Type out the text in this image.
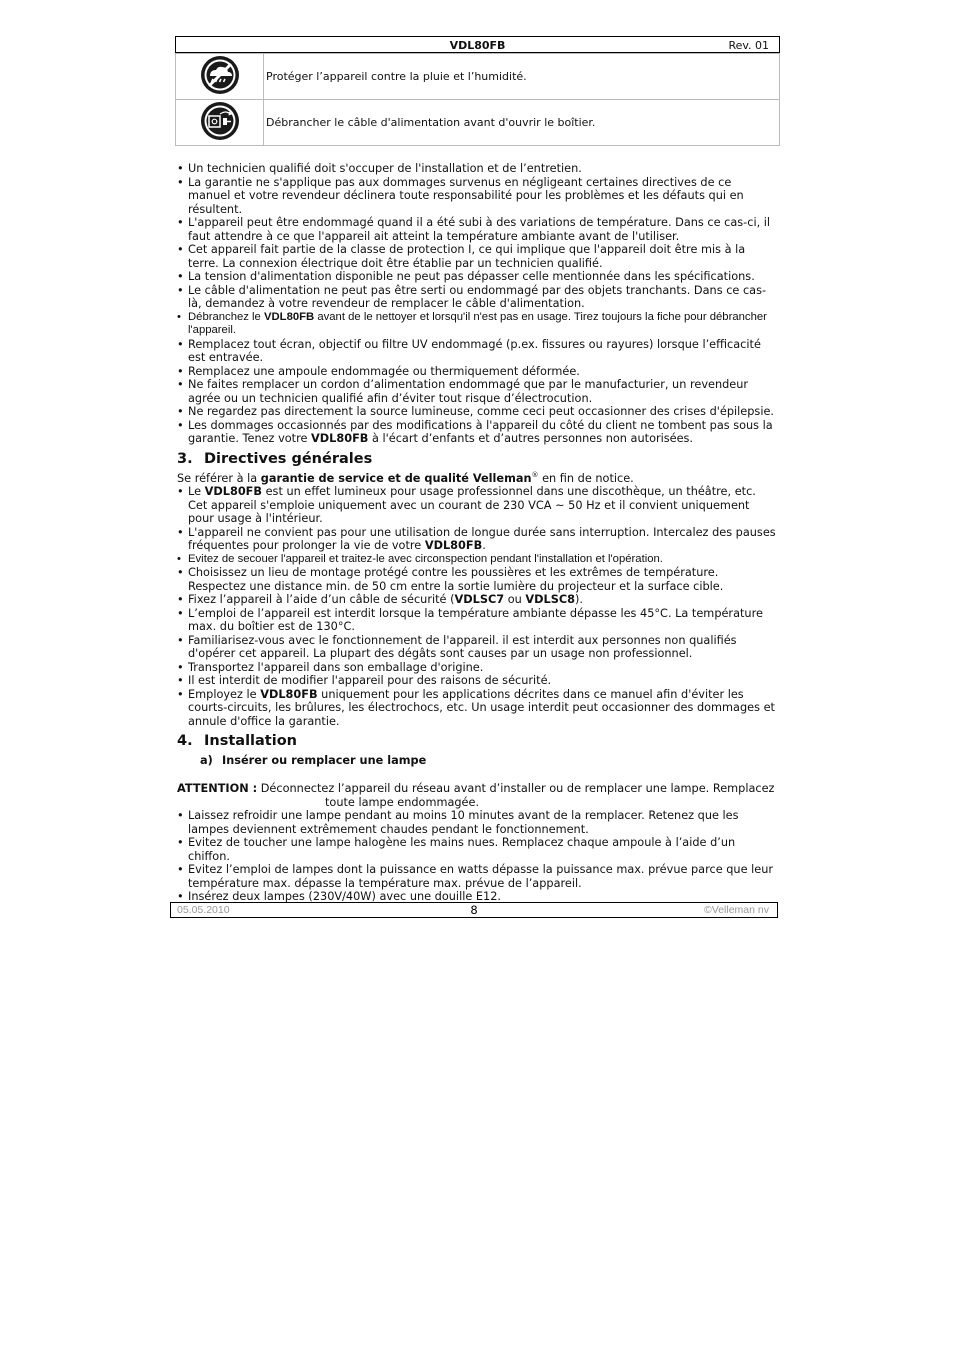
VDL80FB	Rev. 01
	Protéger l’appareil contre la pluie et l’humidité.
	Débrancher le câble d'alimentation avant d'ouvrir le boîtier.
• Un technicien qualifié doit s'occuper de l'installation et de l’entretien.
• La garantie ne s'applique pas aux dommages survenus en négligeant certaines directives de ce manuel et votre revendeur déclinera toute responsabilité pour les problèmes et les défauts qui en résultent.
• L'appareil peut être endommagé quand il a été subi à des variations de température. Dans ce cas-ci, il faut attendre à ce que l'appareil ait atteint la température ambiante avant de l'utiliser.
• Cet appareil fait partie de la classe de protection I, ce qui implique que l'appareil doit être mis à la terre. La connexion électrique doit être établie par un technicien qualifié.
• La tension d'alimentation disponible ne peut pas dépasser celle mentionnée dans les spécifications.
• Le câble d'alimentation ne peut pas être serti ou endommagé par des objets tranchants. Dans ce cas-là, demandez à votre revendeur de remplacer le câble d'alimentation.
• Débranchez le VDL80FB avant de le nettoyer et lorsqu'il n'est pas en usage. Tirez toujours la fiche pour débrancher l'appareil.
• Remplacez tout écran, objectif ou filtre UV endommagé (p.ex. fissures ou rayures) lorsque l’efficacité est entravée.
• Remplacez une ampoule endommagée ou thermiquement déformée.
• Ne faites remplacer un cordon d’alimentation endommagé que par le manufacturier, un revendeur agrée ou un technicien qualifié afin d’éviter tout risque d’électrocution.
• Ne regardez pas directement la source lumineuse, comme ceci peut occasionner des crises d'épilepsie.
• Les dommages occasionnés par des modifications à l'appareil du côté du client ne tombent pas sous la garantie. Tenez votre VDL80FB à l'écart d’enfants et d’autres personnes non autorisées.
3. Directives générales

Se référer à la garantie de service et de qualité Velleman® en fin de notice.

• Le VDL80FB est un effet lumineux pour usage professionnel dans une discothèque, un théâtre, etc. Cet appareil s'emploie uniquement avec un courant de 230 VCA ~ 50 Hz et il convient uniquement pour usage à l'intérieur.
• L'appareil ne convient pas pour une utilisation de longue durée sans interruption. Intercalez des pauses fréquentes pour prolonger la vie de votre VDL80FB.
• Evitez de secouer l'appareil et traitez-le avec circonspection pendant l'installation et l'opération.
• Choisissez un lieu de montage protégé contre les poussières et les extrêmes de température. Respectez une distance min. de 50 cm entre la sortie lumière du projecteur et la surface cible.
• Fixez l’appareil à l’aide d’un câble de sécurité (VDLSC7 ou VDLSC8).
• L’emploi de l’appareil est interdit lorsque la température ambiante dépasse les 45°C. La température max. du boîtier est de 130°C.
• Familiarisez-vous avec le fonctionnement de l'appareil. il est interdit aux personnes non qualifiés d'opérer cet appareil. La plupart des dégâts sont causes par un usage non professionnel.
• Transportez l'appareil dans son emballage d'origine.
• Il est interdit de modifier l'appareil pour des raisons de sécurité.
• Employez le VDL80FB uniquement pour les applications décrites dans ce manuel afin d'éviter les courts-circuits, les brûlures, les électrochocs, etc. Un usage interdit peut occasionner des dommages et annule d'office la garantie.
4. Installation
a) Insérer ou remplacer une lampe

ATTENTION : Déconnectez l’appareil du réseau avant d’installer ou de remplacer une lampe. Remplacez
toute lampe endommagée.

• Laissez refroidir une lampe pendant au moins 10 minutes avant de la remplacer. Retenez que les lampes deviennent extrêmement chaudes pendant le fonctionnement.
• Evitez de toucher une lampe halogène les mains nues. Remplacez chaque ampoule à l’aide d’un chiffon.
• Evitez l’emploi de lampes dont la puissance en watts dépasse la puissance max. prévue parce que leur température max. dépasse la température max. prévue de l’appareil.
• Insérez deux lampes (230V/40W) avec une douille E12.
05.05.2010	8	©Velleman nv
